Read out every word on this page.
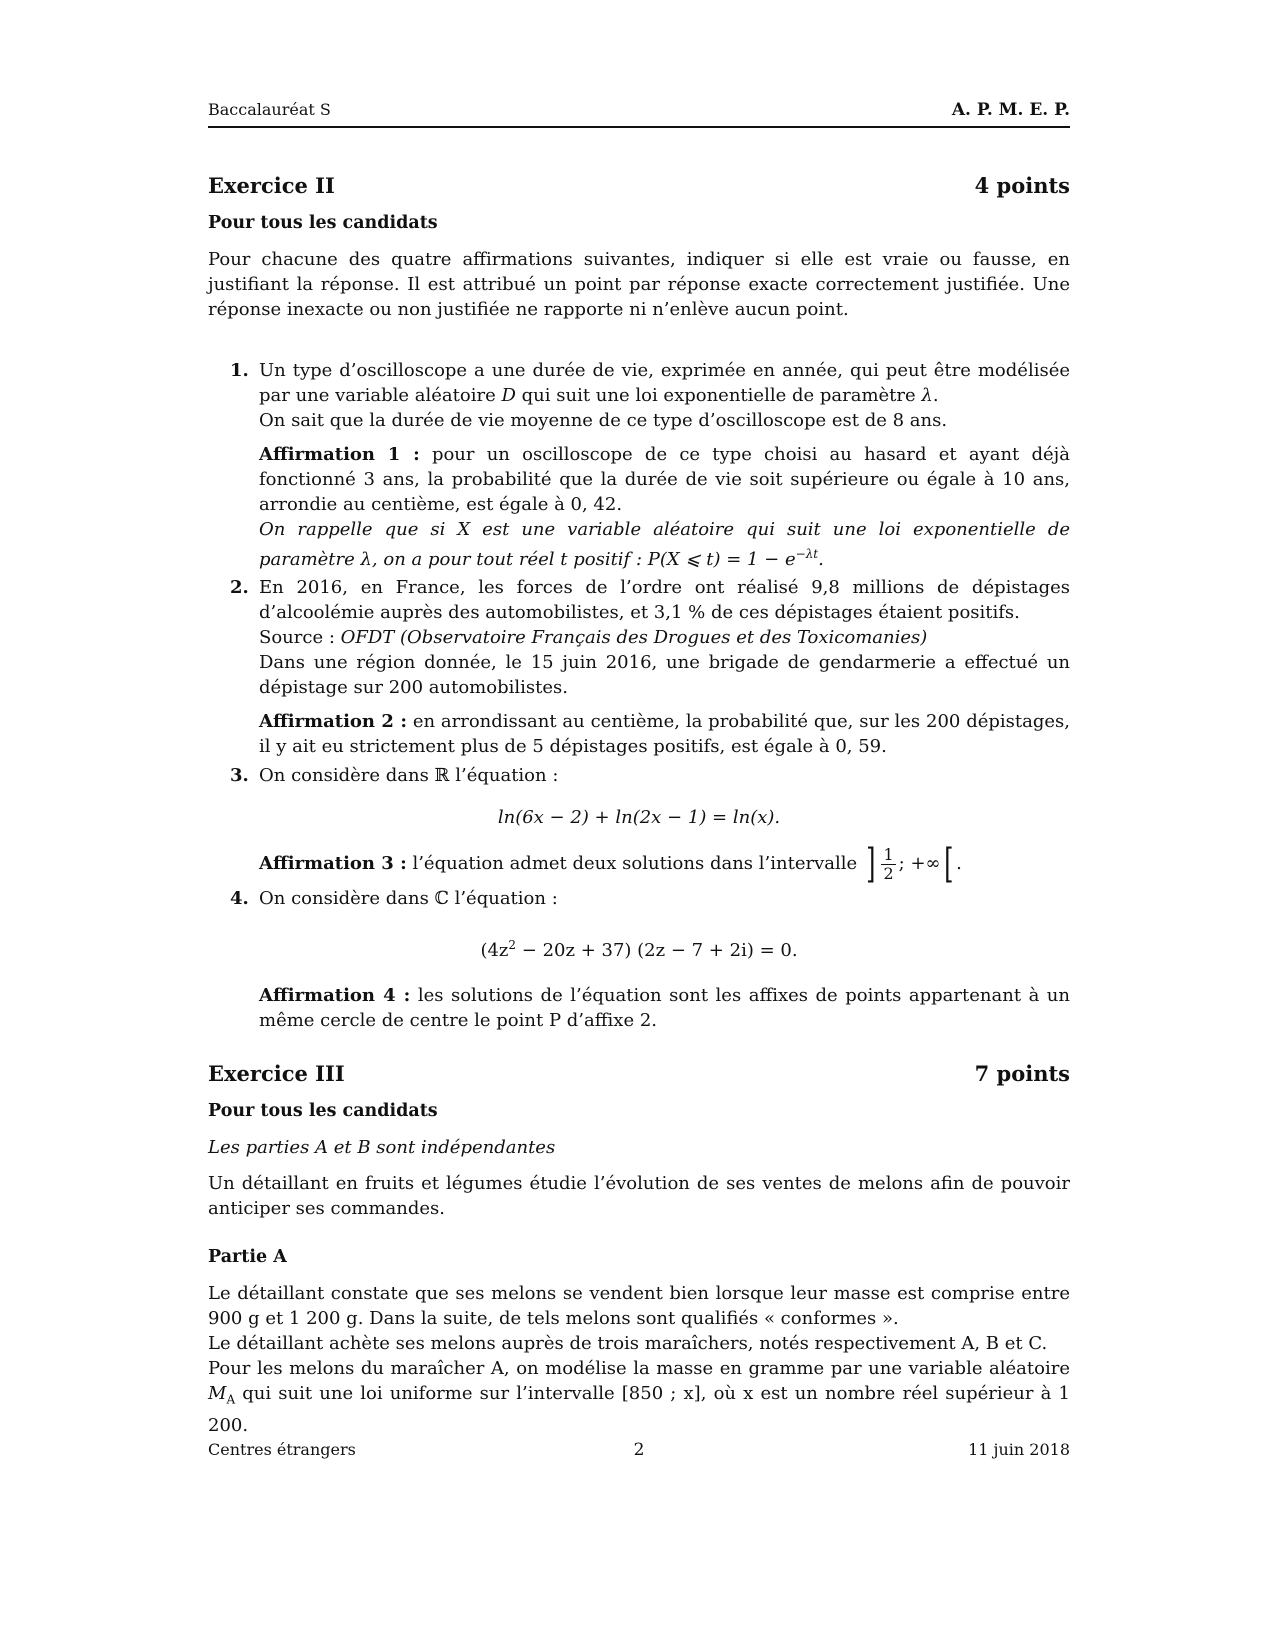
Baccalauréat S	A. P. M. E. P.
Exercice II	4 points

Pour tous les candidats

Pour chacune des quatre affirmations suivantes, indiquer si elle est vraie ou fausse, en justifiant la réponse. Il est attribué un point par réponse exacte correctement justifiée. Une réponse inexacte ou non justifiée ne rapporte ni n’enlève aucun point.

1. Un type d’oscilloscope a une durée de vie, exprimée en année, qui peut être modélisée par une variable aléatoire D qui suit une loi exponentielle de paramètre λ.

On sait que la durée de vie moyenne de ce type d’oscilloscope est de 8 ans.

Affirmation 1 : pour un oscilloscope de ce type choisi au hasard et ayant déjà fonctionné 3 ans, la probabilité que la durée de vie soit supérieure ou égale à 10 ans, arrondie au centième, est égale à 0, 42.

On rappelle que si X est une variable aléatoire qui suit une loi exponentielle de paramètre λ, on a pour tout réel t positif : P(X ⩽ $t) = 1 - e^{-\lambda t}$.

2. En 2016, en France, les forces de l’ordre ont réalisé 9,8 millions de dépistages d’alcoolémie auprès des automobilistes, et 3,1 % de ces dépistages étaient positifs.

Source : OFDT (Observatoire Français des Drogues et des Toxicomanies)

Dans une région donnée, le 15 juin 2016, une brigade de gendarmerie a effectué un dépistage sur 200 automobilistes.

Affirmation 2 : en arrondissant au centième, la probabilité que, sur les 200 dépistages, il y ait eu strictement plus de 5 dépistages positifs, est égale à 0, 59.

3. On considère dans ℝ l’équation :

ln(6x − 2) + ln(2x − 1) = ln(x).

Affirmation 3 : l’équation admet deux solutions dans l’intervalle ] $\frac{1}{2}$ ; +∞[ .

4. On considère dans ℂ l’équation :

$(4z^2 - 20z + 37) (2z - 7 + 2i) = 0$.

Affirmation 4 : les solutions de l’équation sont les affixes de points appartenant à un même cercle de centre le point P d’affixe 2.

Exercice III	7 points

Pour tous les candidats

Les parties A et B sont indépendantes

Un détaillant en fruits et légumes étudie l’évolution de ses ventes de melons afin de pouvoir anticiper ses commandes.

Partie A

Le détaillant constate que ses melons se vendent bien lorsque leur masse est comprise entre 900 g et 1 200 g. Dans la suite, de tels melons sont qualifiés « conformes ».

Le détaillant achète ses melons auprès de trois maraîchers, notés respectivement A, B et C.

Pour les melons du maraîcher A, on modélise la masse en gramme par une variable aléatoire $M_A$ qui suit une loi uniforme sur l’intervalle [850 ; x], où x est un nombre réel supérieur à 1 200.

Centres étrangers	2	11 juin 2018
